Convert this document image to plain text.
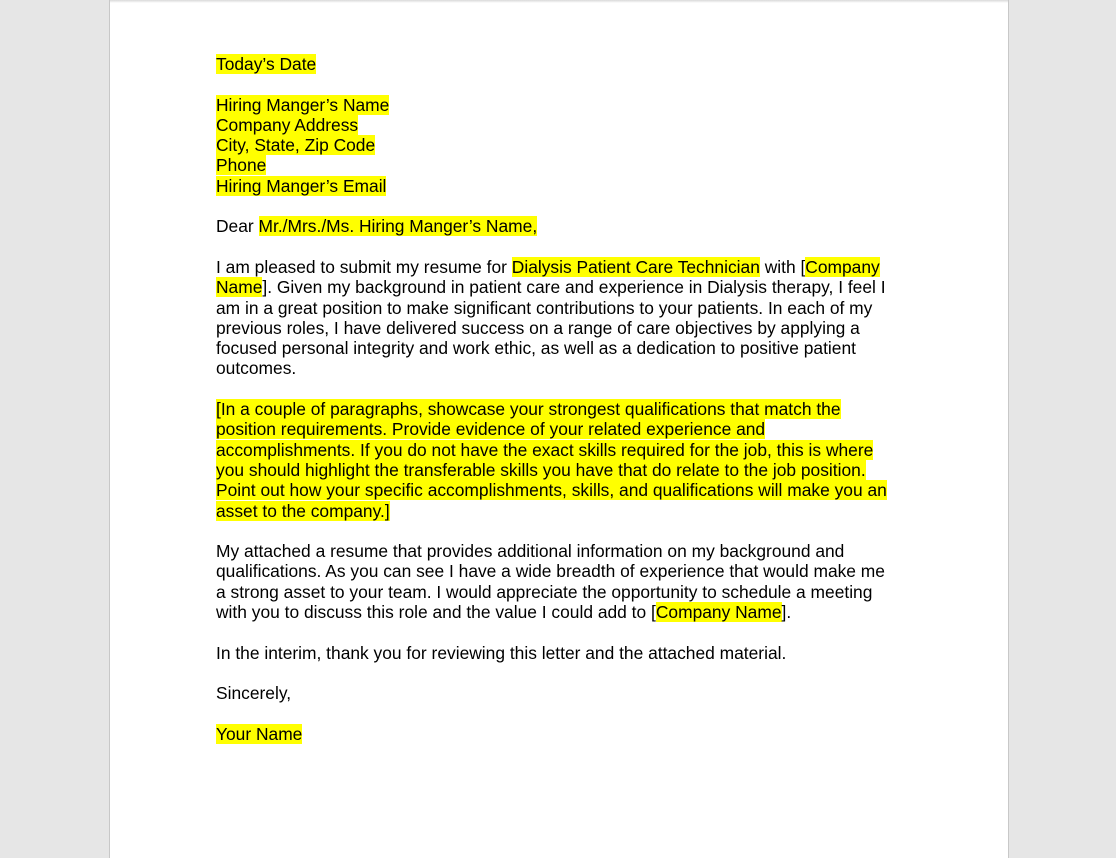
Today’s Date
Hiring Manger’s Name
Company Address
City, State, Zip Code
Phone
Hiring Manger’s Email
Dear Mr./Mrs./Ms. Hiring Manger’s Name,
I am pleased to submit my resume for Dialysis Patient Care Technician with [Company
Name]. Given my background in patient care and experience in Dialysis therapy, I feel I
am in a great position to make significant contributions to your patients. In each of my
previous roles, I have delivered success on a range of care objectives by applying a
focused personal integrity and work ethic, as well as a dedication to positive patient
outcomes.
[In a couple of paragraphs, showcase your strongest qualifications that match the
position requirements. Provide evidence of your related experience and
accomplishments. If you do not have the exact skills required for the job, this is where
you should highlight the transferable skills you have that do relate to the job position.
Point out how your specific accomplishments, skills, and qualifications will make you an
asset to the company.]
My attached a resume that provides additional information on my background and
qualifications. As you can see I have a wide breadth of experience that would make me
a strong asset to your team. I would appreciate the opportunity to schedule a meeting
with you to discuss this role and the value I could add to [Company Name].
In the interim, thank you for reviewing this letter and the attached material.
Sincerely,
Your Name
